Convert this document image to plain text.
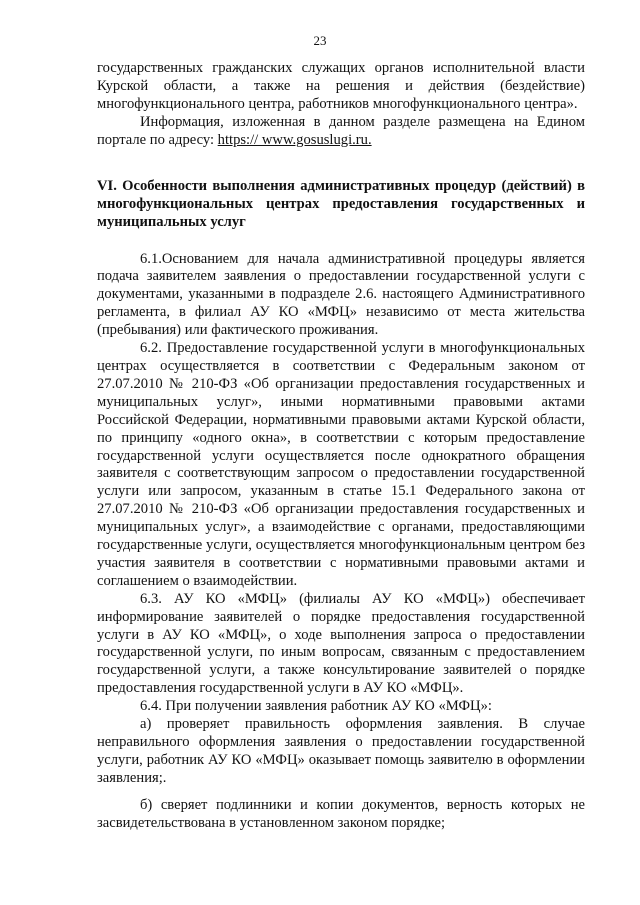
23

государственных гражданских служащих органов исполнительной власти Курской области, а также на решения и действия (бездействие) многофункционального центра, работников многофункционального центра».

Информация, изложенная в данном разделе размещена на Едином портале по адресу: https:// www.gosuslugi.ru.

VI. Особенности выполнения административных процедур (действий) в многофункциональных центрах предоставления государственных и муниципальных услуг

6.1.Основанием для начала административной процедуры является подача заявителем заявления о предоставлении государственной услуги с документами, указанными в подразделе 2.6. настоящего Административного регламента, в филиал АУ КО «МФЦ» независимо от места жительства (пребывания) или фактического проживания.

6.2. Предоставление государственной услуги в многофункциональных центрах осуществляется в соответствии с Федеральным законом от 27.07.2010 № 210-ФЗ «Об организации предоставления государственных и муниципальных услуг», иными нормативными правовыми актами Российской Федерации, нормативными правовыми актами Курской области, по принципу «одного окна», в соответствии с которым предоставление государственной услуги осуществляется после однократного обращения заявителя с соответствующим запросом о предоставлении государственной услуги или запросом, указанным в статье 15.1 Федерального закона от 27.07.2010 № 210-ФЗ «Об организации предоставления государственных и муниципальных услуг», а взаимодействие с органами, предоставляющими государственные услуги, осуществляется многофункциональным центром без участия заявителя в соответствии с нормативными правовыми актами и соглашением о взаимодействии.

6.3. АУ КО «МФЦ» (филиалы АУ КО «МФЦ») обеспечивает информирование заявителей о порядке предоставления государственной услуги в АУ КО «МФЦ», о ходе выполнения запроса о предоставлении государственной услуги, по иным вопросам, связанным с предоставлением государственной услуги, а также консультирование заявителей о порядке предоставления государственной услуги в АУ КО «МФЦ».

6.4. При получении заявления работник АУ КО «МФЦ»:

а) проверяет правильность оформления заявления. В случае неправильного оформления заявления о предоставлении государственной услуги, работник АУ КО «МФЦ» оказывает помощь заявителю в оформлении заявления;.

б) сверяет подлинники и копии документов, верность которых не засвидетельствована в установленном законом порядке;
